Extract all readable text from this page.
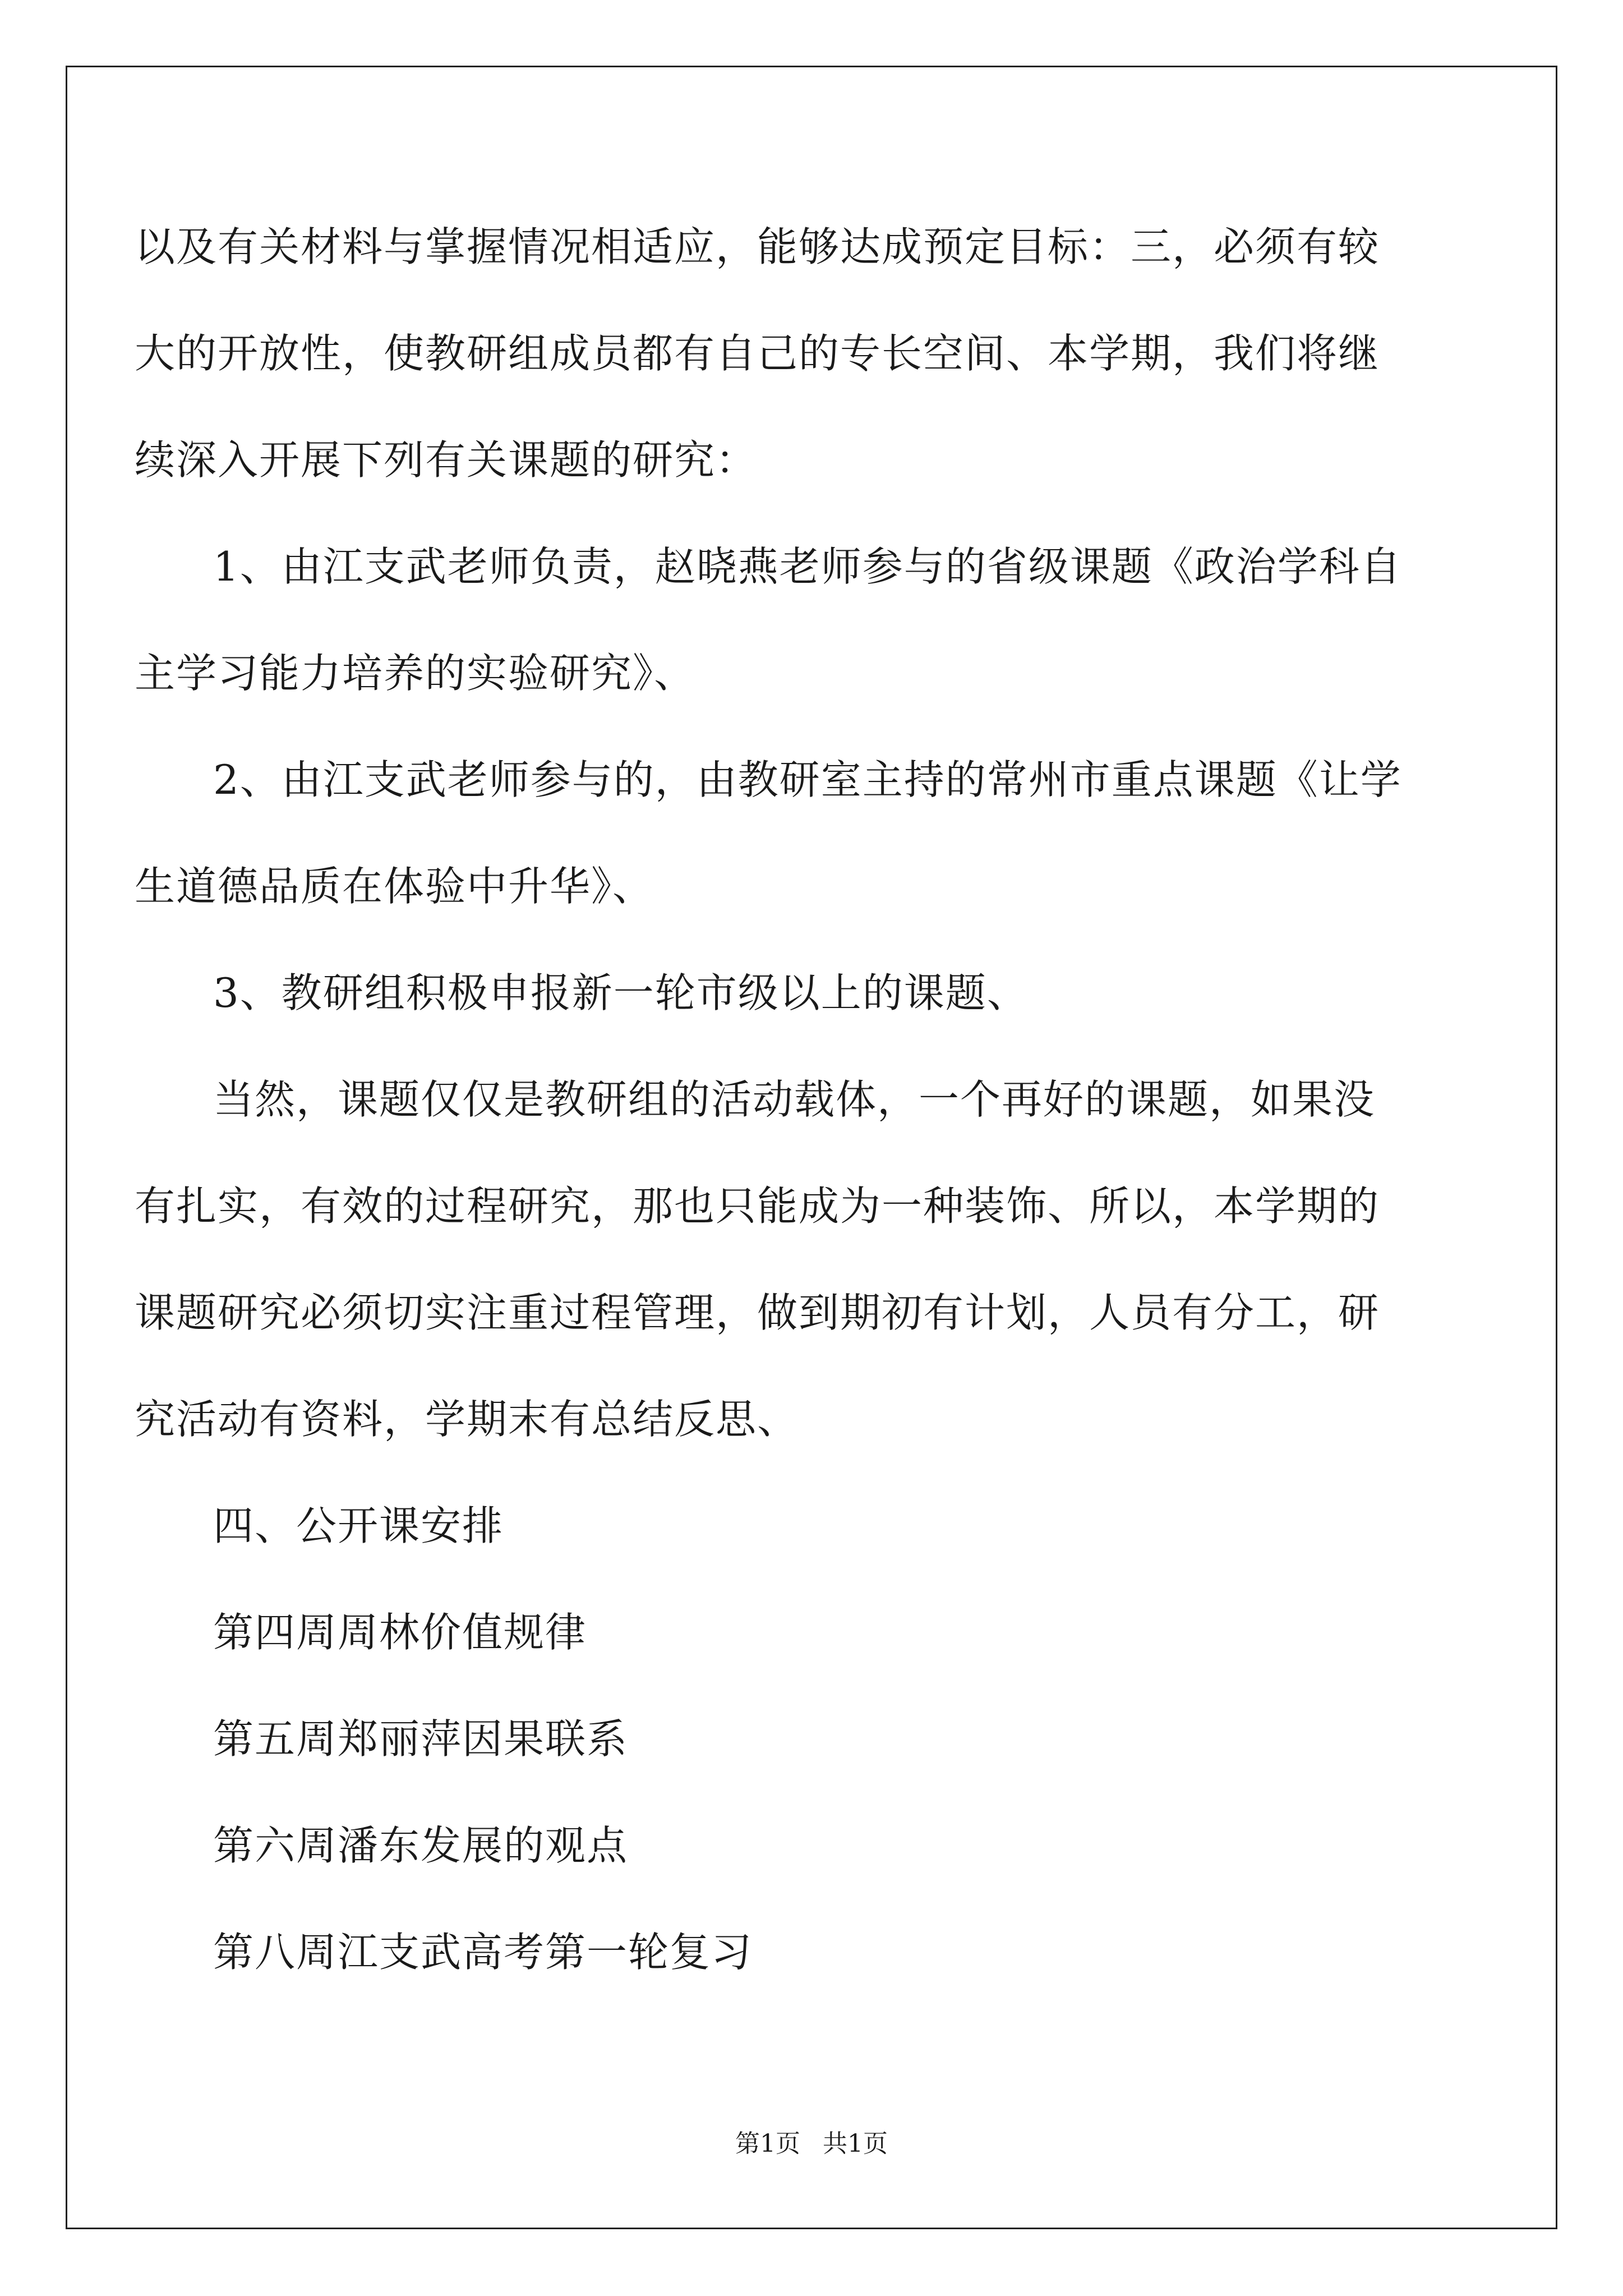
以及有关材料与掌握情况相适应，能够达成预定目标：三，必须有较
大的开放性，使教研组成员都有自己的专长空间、本学期，我们将继
续深入开展下列有关课题的研究：
1、由江支武老师负责，赵晓燕老师参与的省级课题《政治学科自
主学习能力培养的实验研究》、
2、由江支武老师参与的，由教研室主持的常州市重点课题《让学
生道德品质在体验中升华》、
3、教研组积极申报新一轮市级以上的课题、
当然，课题仅仅是教研组的活动载体，一个再好的课题，如果没
有扎实，有效的过程研究，那也只能成为一种装饰、所以，本学期的
课题研究必须切实注重过程管理，做到期初有计划，人员有分工，研
究活动有资料，学期末有总结反思、
四、公开课安排
第四周周林价值规律
第五周郑丽萍因果联系
第六周潘东发展的观点
第八周江支武高考第一轮复习
第1页 共1页
